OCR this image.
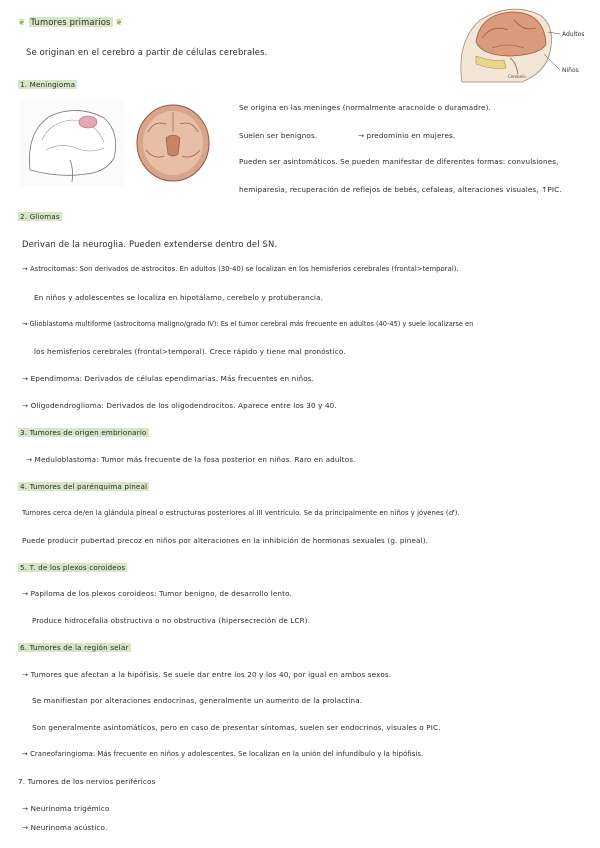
❦ Tumores primarios ❦
Se originan en el cerebro a partir de células cerebrales.
Adultos
Niños
Cerebelo
1. Meningioma
Se origina en las meninges (normalmente aracnoide o duramadre).
Suelen ser benignos.	→ predominio en mujeres.
Pueden ser asintomáticos. Se pueden manifestar de diferentes formas: convulsiones,
hemiparesia, recuperación de reflejos de bebés, cefaleas, alteraciones visuales, ↑PIC.
2. Gliomas
Derivan de la neuroglia. Pueden extenderse dentro del SN.
→ Astrocitomas: Son derivados de astrocitos. En adultos (30-40) se localizan en los hemisferios cerebrales (frontal>temporal).
En niños y adolescentes se localiza en hipotálamo, cerebelo y protuberancia.
→ Glioblastoma multiforme (astrocitoma maligno/grado IV): Es el tumor cerebral más frecuente en adultos (40-45) y suele localizarse en
los hemisferios cerebrales (frontal>temporal). Crece rápido y tiene mal pronóstico.
→ Ependimoma: Derivados de células ependimarias. Más frecuentes en niños.
→ Oligodendroglioma: Derivados de los oligodendrocitos. Aparece entre los 30 y 40.
3. Tumores de origen embrionario
→ Meduloblastoma: Tumor más frecuente de la fosa posterior en niños. Raro en adultos.
4. Tumores del parénquima pineal
Tumores cerca de/en la glándula pineal o estructuras posteriores al III ventrículo. Se da principalmente en niños y jóvenes (♂).
Puede producir pubertad precoz en niños por alteraciones en la inhibición de hormonas sexuales (g. pineal).
5. T. de los plexos coroideos
→ Papiloma de los plexos coroideos: Tumor benigno, de desarrollo lento.
Produce hidrocefalia obstructiva o no obstructiva (hipersecreción de LCR).
6. Tumores de la región selar
→ Tumores que afectan a la hipófisis. Se suele dar entre los 20 y los 40, por igual en ambos sexos.
Se manifiestan por alteraciones endocrinas, generalmente un aumento de la prolactina.
Son generalmente asintomáticos, pero en caso de presentar síntomas, suelen ser endocrinos, visuales o PIC.
→ Craneofaringioma: Más frecuente en niños y adolescentes. Se localizan en la unión del infundíbulo y la hipófisis.
7. Tumores de los nervios periféricos
→ Neurinoma trigémico
→ Neurinoma acústico.
